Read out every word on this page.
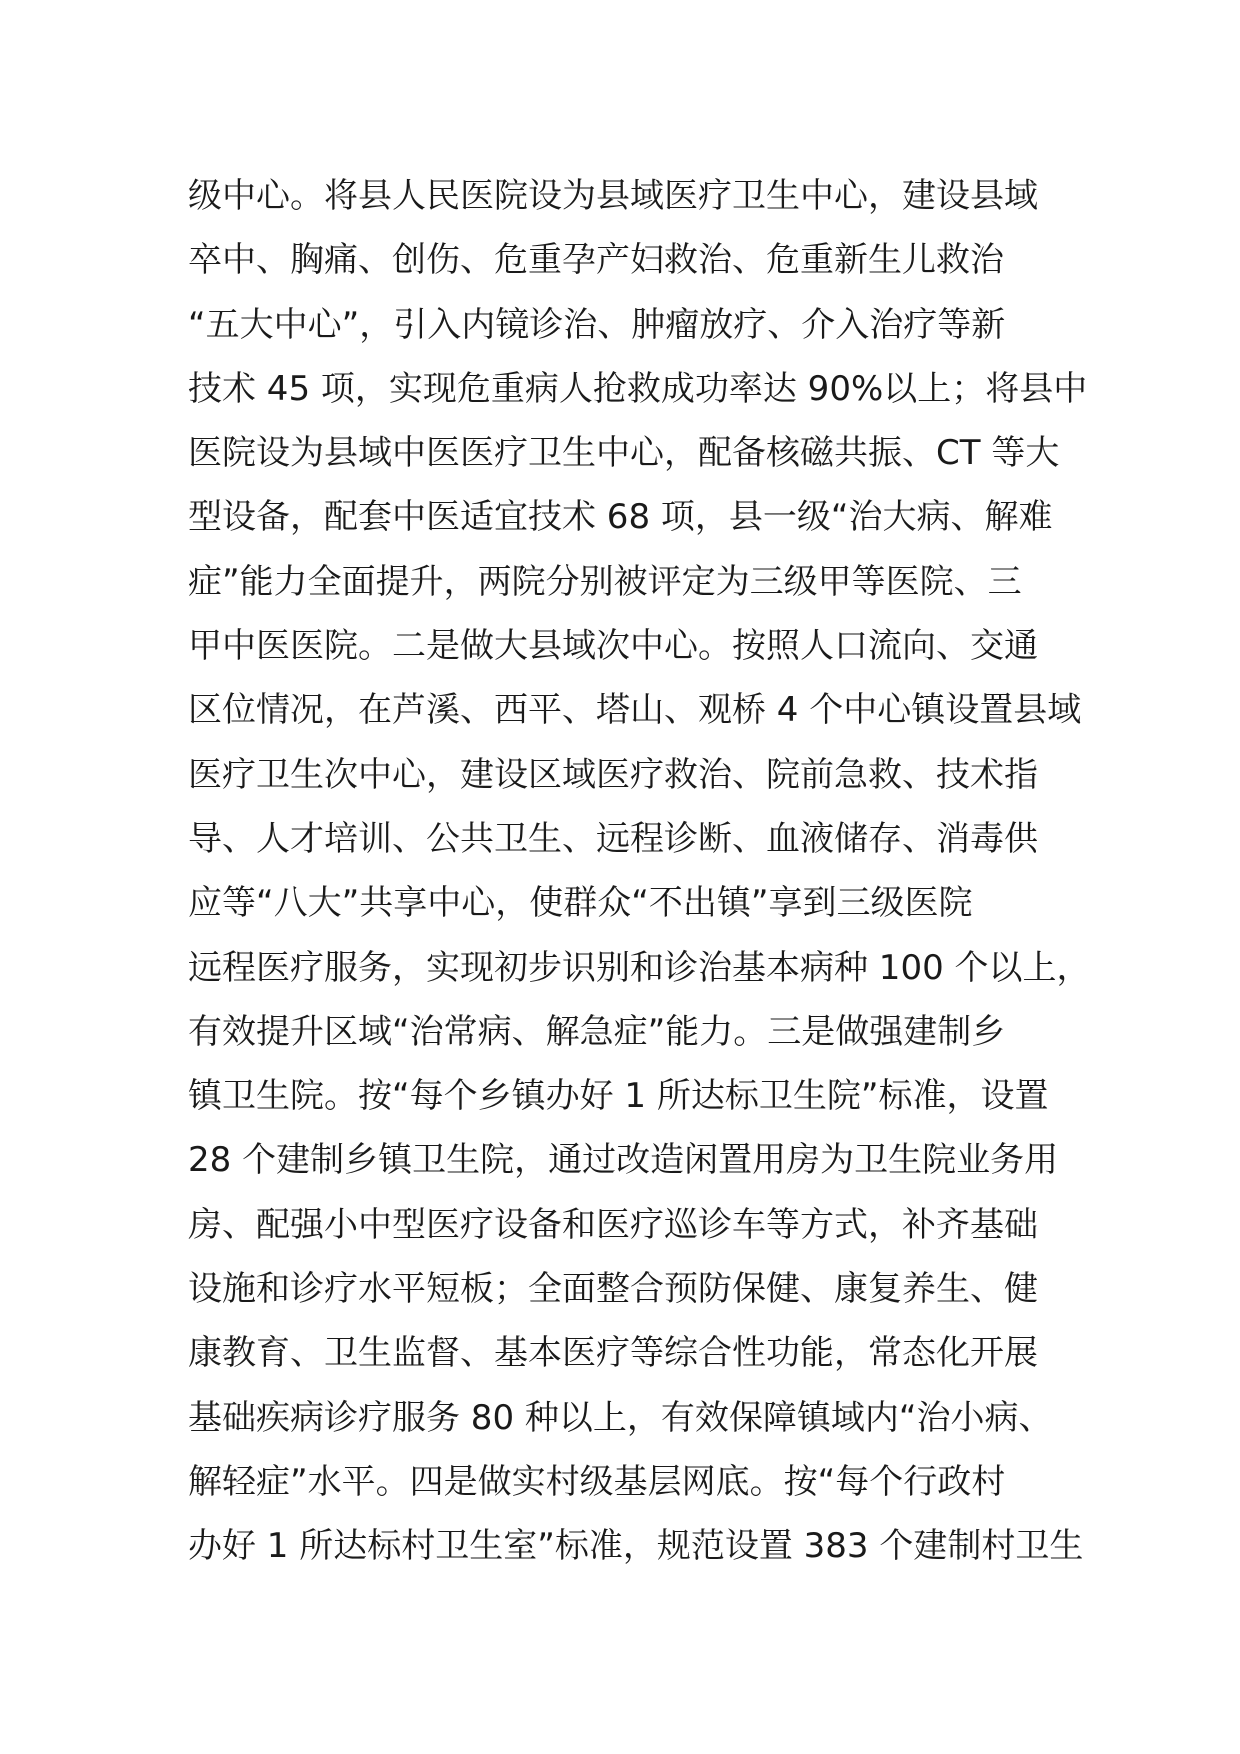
级中心。将县人民医院设为县域医疗卫生中心，建设县域
卒中、胸痛、创伤、危重孕产妇救治、危重新生儿救治
“五大中心”，引入内镜诊治、肿瘤放疗、介入治疗等新
技术 45 项，实现危重病人抢救成功率达 90%以上；将县中
医院设为县域中医医疗卫生中心，配备核磁共振、CT 等大
型设备，配套中医适宜技术 68 项，县一级“治大病、解难
症”能力全面提升，两院分别被评定为三级甲等医院、三
甲中医医院。二是做大县域次中心。按照人口流向、交通
区位情况，在芦溪、西平、塔山、观桥 4 个中心镇设置县域
医疗卫生次中心，建设区域医疗救治、院前急救、技术指
导、人才培训、公共卫生、远程诊断、血液储存、消毒供
应等“八大”共享中心，使群众“不出镇”享到三级医院
远程医疗服务，实现初步识别和诊治基本病种 100 个以上，
有效提升区域“治常病、解急症”能力。三是做强建制乡
镇卫生院。按“每个乡镇办好 1 所达标卫生院”标准，设置
28 个建制乡镇卫生院，通过改造闲置用房为卫生院业务用
房、配强小中型医疗设备和医疗巡诊车等方式，补齐基础
设施和诊疗水平短板；全面整合预防保健、康复养生、健
康教育、卫生监督、基本医疗等综合性功能，常态化开展
基础疾病诊疗服务 80 种以上，有效保障镇域内“治小病、
解轻症”水平。四是做实村级基层网底。按“每个行政村
办好 1 所达标村卫生室”标准，规范设置 383 个建制村卫生
